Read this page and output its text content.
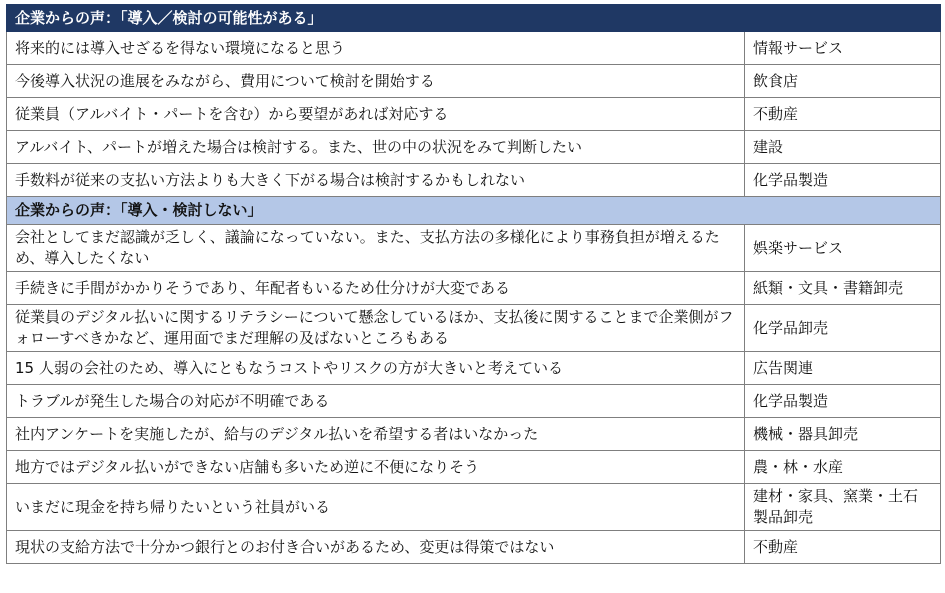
企業からの声：「導入／検討の可能性がある」	
将来的には導入せざるを得ない環境になると思う	情報サービス
今後導入状況の進展をみながら、費用について検討を開始する	飲食店
従業員（アルバイト・パートを含む）から要望があれば対応する	不動産
アルバイト、パートが増えた場合は検討する。また、世の中の状況をみて判断したい	建設
手数料が従来の支払い方法よりも大きく下がる場合は検討するかもしれない	化学品製造
企業からの声：「導入・検討しない」	
会社としてまだ認識が乏しく、議論になっていない。また、支払方法の多様化により事務負担が増えるため、導入したくない	娯楽サービス
手続きに手間がかかりそうであり、年配者もいるため仕分けが大変である	紙類・文具・書籍卸売
従業員のデジタル払いに関するリテラシーについて懸念しているほか、支払後に関することまで企業側がフォローすべきかなど、運用面でまだ理解の及ばないところもある	化学品卸売
15 人弱の会社のため、導入にともなうコストやリスクの方が大きいと考えている	広告関連
トラブルが発生した場合の対応が不明確である	化学品製造
社内アンケートを実施したが、給与のデジタル払いを希望する者はいなかった	機械・器具卸売
地方ではデジタル払いができない店舗も多いため逆に不便になりそう	農・林・水産
いまだに現金を持ち帰りたいという社員がいる	建材・家具、窯業・土石製品卸売
現状の支給方法で十分かつ銀行とのお付き合いがあるため、変更は得策ではない	不動産
